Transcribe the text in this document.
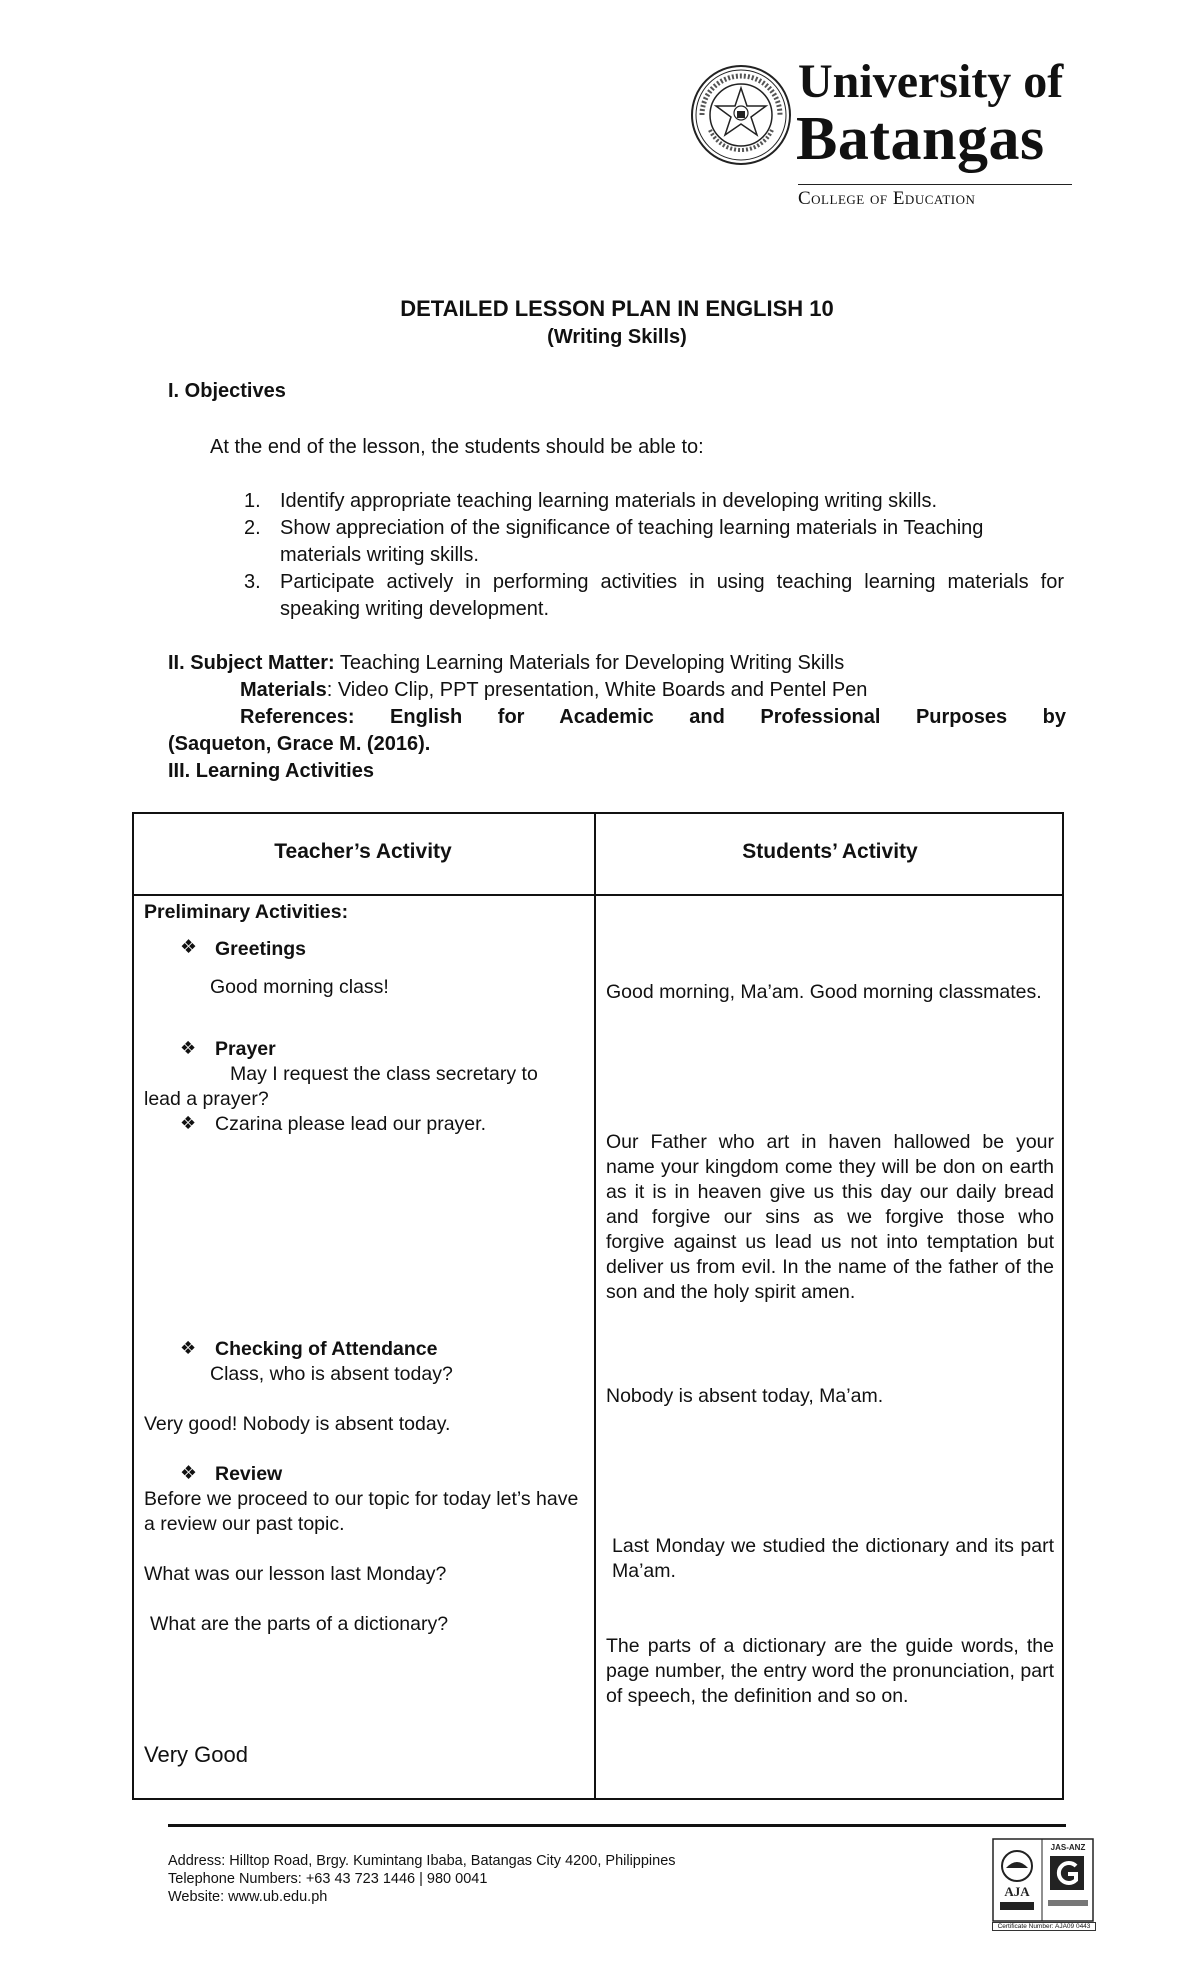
University of
Batangas
College of Education
DETAILED LESSON PLAN IN ENGLISH 10
(Writing Skills)
I. Objectives
At the end of the lesson, the students should be able to:
1. Identify appropriate teaching learning materials in developing writing skills.
2. Show appreciation of the significance of teaching learning materials in Teaching materials writing skills.
3. Participate actively in performing activities in using teaching learning materials for speaking writing development.
II. Subject Matter: Teaching Learning Materials for Developing Writing Skills
Materials: Video Clip, PPT presentation, White Boards and Pentel Pen
References: English for Academic and Professional Purposes by
(Saqueton, Grace M. (2016).
III. Learning Activities
Teacher’s Activity	Students’ Activity
Preliminary Activities:
❖ Greetings
Good morning class!
❖ Prayer
May I request the class secretary to
lead a prayer?
❖ Czarina please lead our prayer.
❖ Checking of Attendance
Class, who is absent today?
Very good! Nobody is absent today.
❖ Review
Before we proceed to our topic for today let’s have a review our past topic.
What was our lesson last Monday?
What are the parts of a dictionary?
Very Good
Good morning, Ma’am. Good morning classmates.
Our Father who art in haven hallowed be your name your kingdom come they will be don on earth as it is in heaven give us this day our daily bread and forgive our sins as we forgive those who forgive against us lead us not into temptation but deliver us from evil. In the name of the father of the son and the holy spirit amen.
Nobody is absent today, Ma’am.
Last Monday we studied the dictionary and its part Ma’am.
The parts of a dictionary are the guide words, the page number, the entry word the pronunciation, part of speech, the definition and so on.
Address: Hilltop Road, Brgy. Kumintang Ibaba, Batangas City 4200, Philippines
Telephone Numbers: +63 43 723 1446 | 980 0041
Website: www.ub.edu.ph	AJA
JAS-ANZ
Certificate Number: AJA09 0443
